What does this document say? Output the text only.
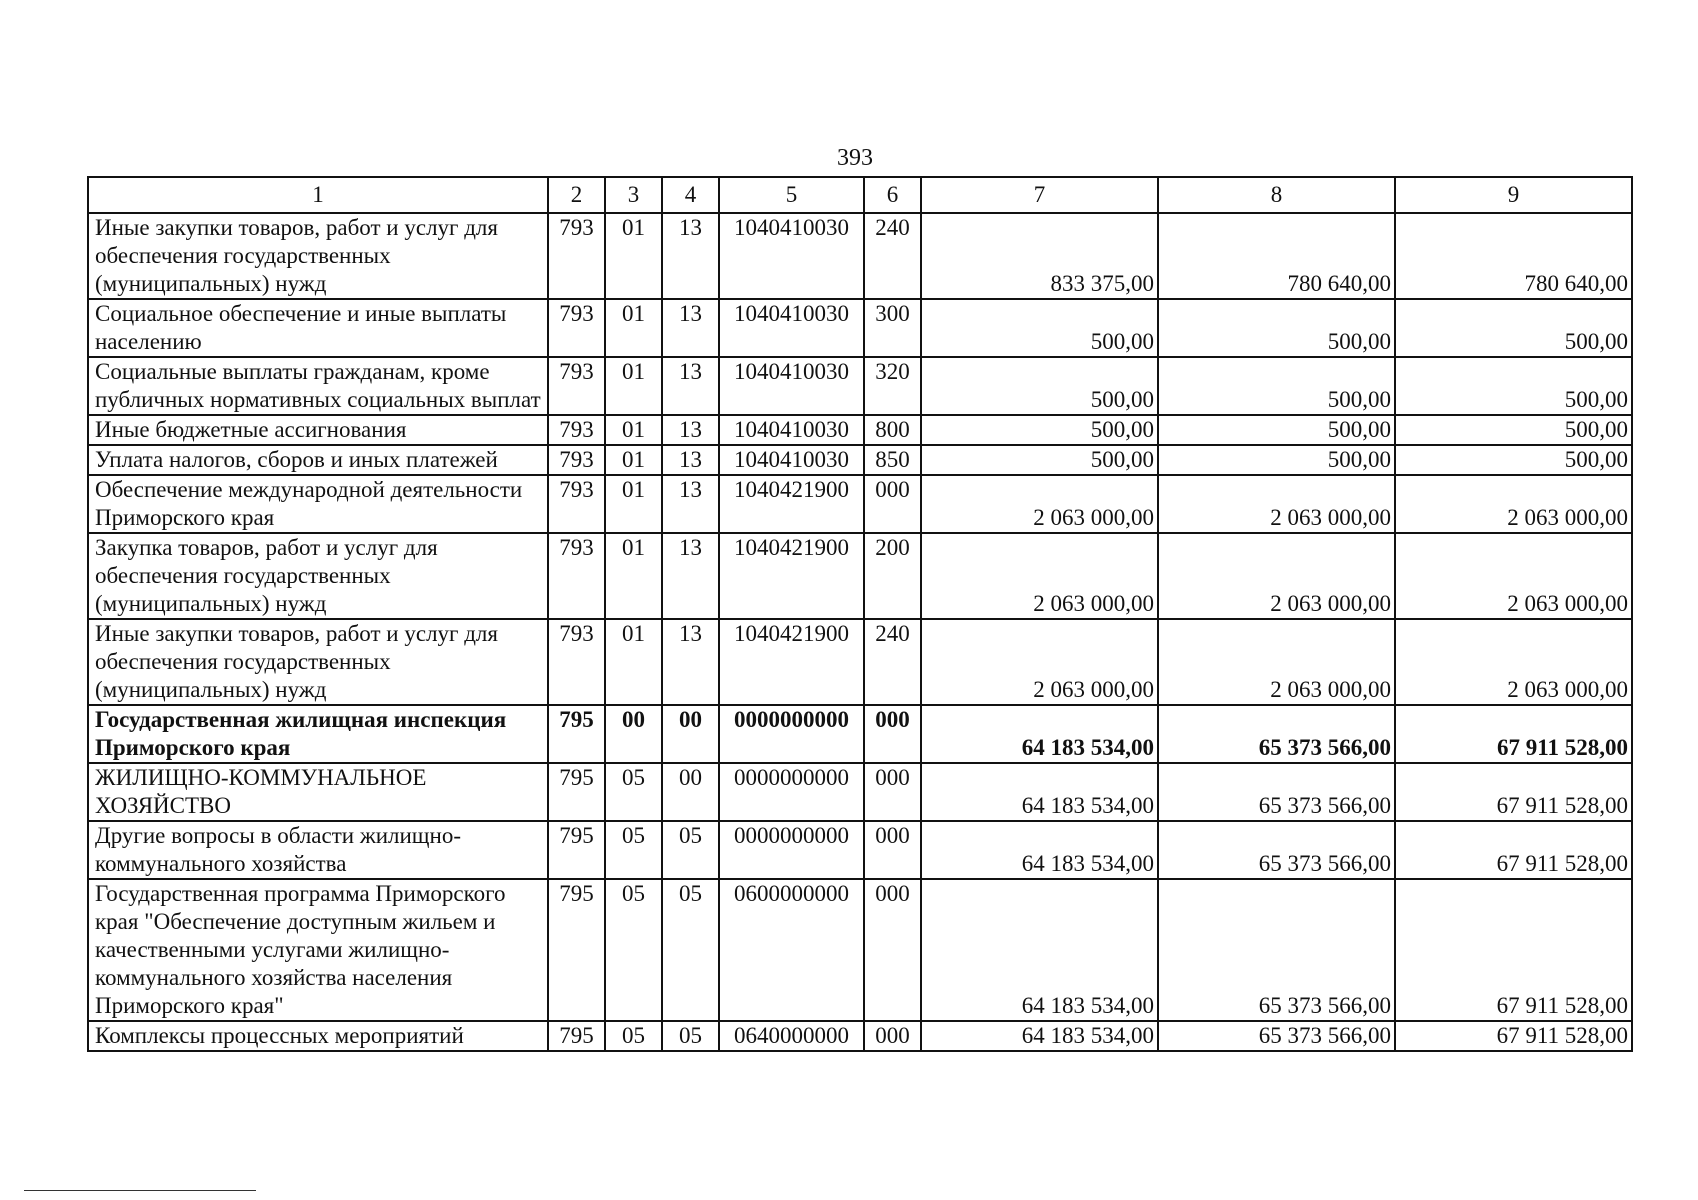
393
1	2	3	4	5	6	7	8	9
Иные закупки товаров, работ и услуг для обеспечения государственных (муниципальных) нужд	793	01	13	1040410030	240	833 375,00	780 640,00	780 640,00
Социальное обеспечение и иные выплаты населению	793	01	13	1040410030	300	500,00	500,00	500,00
Социальные выплаты гражданам, кроме публичных нормативных социальных выплат	793	01	13	1040410030	320	500,00	500,00	500,00
Иные бюджетные ассигнования	793	01	13	1040410030	800	500,00	500,00	500,00
Уплата налогов, сборов и иных платежей	793	01	13	1040410030	850	500,00	500,00	500,00
Обеспечение международной деятельности Приморского края	793	01	13	1040421900	000	2 063 000,00	2 063 000,00	2 063 000,00
Закупка товаров, работ и услуг для обеспечения государственных (муниципальных) нужд	793	01	13	1040421900	200	2 063 000,00	2 063 000,00	2 063 000,00
Иные закупки товаров, работ и услуг для обеспечения государственных (муниципальных) нужд	793	01	13	1040421900	240	2 063 000,00	2 063 000,00	2 063 000,00
Государственная жилищная инспекция Приморского края	795	00	00	0000000000	000	64 183 534,00	65 373 566,00	67 911 528,00
ЖИЛИЩНО-КОММУНАЛЬНОЕ ХОЗЯЙСТВО	795	05	00	0000000000	000	64 183 534,00	65 373 566,00	67 911 528,00
Другие вопросы в области жилищно-коммунального хозяйства	795	05	05	0000000000	000	64 183 534,00	65 373 566,00	67 911 528,00
Государственная программа Приморского края "Обеспечение доступным жильем и качественными услугами жилищно-коммунального хозяйства населения Приморского края"	795	05	05	0600000000	000	64 183 534,00	65 373 566,00	67 911 528,00
Комплексы процессных мероприятий	795	05	05	0640000000	000	64 183 534,00	65 373 566,00	67 911 528,00
